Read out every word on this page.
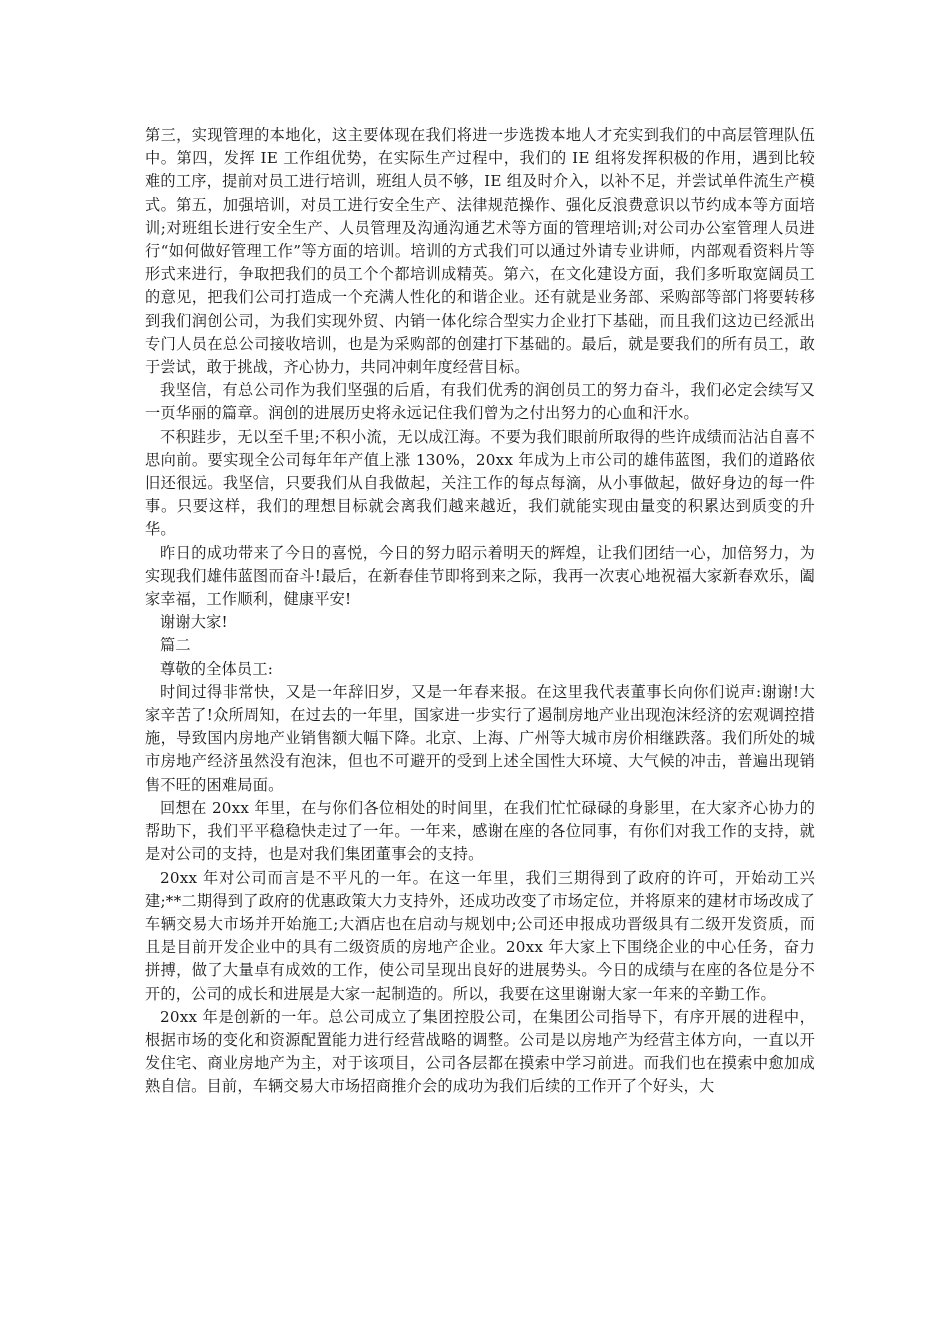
第三，实现管理的本地化，这主要体现在我们将进一步选拨本地人才充实到我们的中高层管理队伍中。第四，发挥 IE 工作组优势，在实际生产过程中，我们的 IE 组将发挥积极的作用，遇到比较难的工序，提前对员工进行培训，班组人员不够，IE 组及时介入，以补不足，并尝试单件流生产模式。第五，加强培训，对员工进行安全生产、法律规范操作、强化反浪费意识以节约成本等方面培训;对班组长进行安全生产、人员管理及沟通沟通艺术等方面的管理培训;对公司办公室管理人员进行“如何做好管理工作”等方面的培训。培训的方式我们可以通过外请专业讲师，内部观看资料片等形式来进行，争取把我们的员工个个都培训成精英。第六，在文化建设方面，我们多听取宽阔员工的意见，把我们公司打造成一个充满人性化的和谐企业。还有就是业务部、采购部等部门将要转移到我们润创公司，为我们实现外贸、内销一体化综合型实力企业打下基础，而且我们这边已经派出专门人员在总公司接收培训，也是为采购部的创建打下基础的。最后，就是要我们的所有员工，敢于尝试，敢于挑战，齐心协力，共同冲刺年度经营目标。

我坚信，有总公司作为我们坚强的后盾，有我们优秀的润创员工的努力奋斗，我们必定会续写又一页华丽的篇章。润创的进展历史将永远记住我们曾为之付出努力的心血和汗水。

不积跬步，无以至千里;不积小流，无以成江海。不要为我们眼前所取得的些许成绩而沾沾自喜不思向前。要实现全公司每年年产值上涨 130%，20xx 年成为上市公司的雄伟蓝图，我们的道路依旧还很远。我坚信，只要我们从自我做起，关注工作的每点每滴，从小事做起，做好身边的每一件事。只要这样，我们的理想目标就会离我们越来越近，我们就能实现由量变的积累达到质变的升华。

昨日的成功带来了今日的喜悦，今日的努力昭示着明天的辉煌，让我们团结一心，加倍努力，为实现我们雄伟蓝图而奋斗!最后，在新春佳节即将到来之际，我再一次衷心地祝福大家新春欢乐，阖家幸福，工作顺利，健康平安!

谢谢大家!

篇二

尊敬的全体员工:

时间过得非常快，又是一年辞旧岁，又是一年春来报。在这里我代表董事长向你们说声:谢谢!大家辛苦了!众所周知，在过去的一年里，国家进一步实行了遏制房地产业出现泡沫经济的宏观调控措施，导致国内房地产业销售额大幅下降。北京、上海、广州等大城市房价相继跌落。我们所处的城市房地产经济虽然没有泡沫，但也不可避开的受到上述全国性大环境、大气候的冲击，普遍出现销售不旺的困难局面。

回想在 20xx 年里，在与你们各位相处的时间里，在我们忙忙碌碌的身影里，在大家齐心协力的帮助下，我们平平稳稳快走过了一年。一年来，感谢在座的各位同事，有你们对我工作的支持，就是对公司的支持，也是对我们集团董事会的支持。

20xx 年对公司而言是不平凡的一年。在这一年里，我们三期得到了政府的许可，开始动工兴建;**二期得到了政府的优惠政策大力支持外，还成功改变了市场定位，并将原来的建材市场改成了车辆交易大市场并开始施工;大酒店也在启动与规划中;公司还申报成功晋级具有二级开发资质，而且是目前开发企业中的具有二级资质的房地产企业。20xx 年大家上下围绕企业的中心任务，奋力拼搏，做了大量卓有成效的工作，使公司呈现出良好的进展势头。今日的成绩与在座的各位是分不开的，公司的成长和进展是大家一起制造的。所以，我要在这里谢谢大家一年来的辛勤工作。

20xx 年是创新的一年。总公司成立了集团控股公司，在集团公司指导下，有序开展的进程中，根据市场的变化和资源配置能力进行经营战略的调整。公司是以房地产为经营主体方向，一直以开发住宅、商业房地产为主，对于该项目，公司各层都在摸索中学习前进。而我们也在摸索中愈加成熟自信。目前，车辆交易大市场招商推介会的成功为我们后续的工作开了个好头，大
